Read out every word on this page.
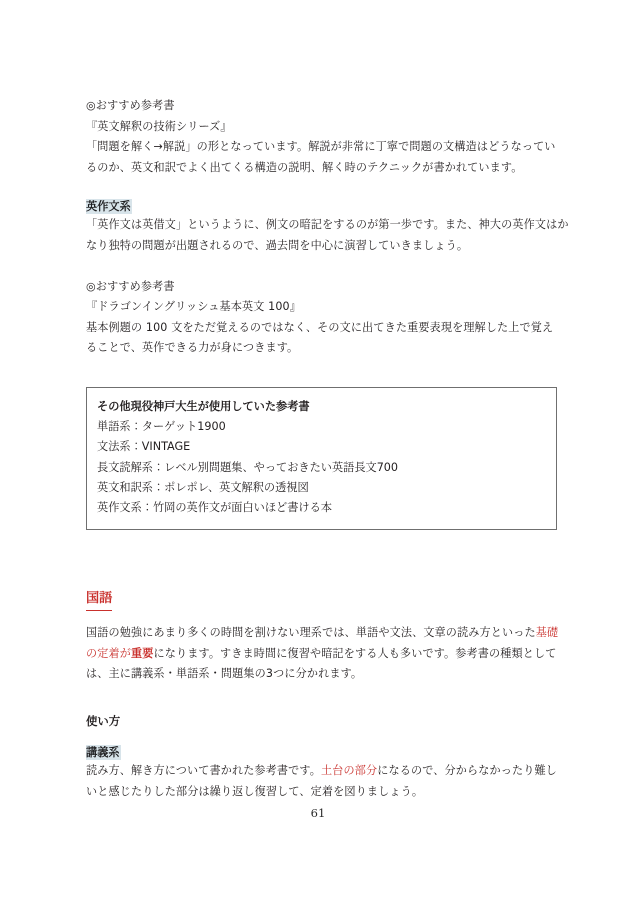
◎おすすめ参考書
『英文解釈の技術シリーズ』
「問題を解く→解説」の形となっています。解説が非常に丁寧で問題の文構造はどうなってい
るのか、英文和訳でよく出てくる構造の説明、解く時のテクニックが書かれています。
英作文系
「英作文は英借文」というように、例文の暗記をするのが第一歩です。また、神大の英作文はか
なり独特の問題が出題されるので、過去問を中心に演習していきましょう。
◎おすすめ参考書
『ドラゴンイングリッシュ基本英文 100』
基本例題の 100 文をただ覚えるのではなく、その文に出てきた重要表現を理解した上で覚え
ることで、英作できる力が身につきます。
その他現役神戸大生が使用していた参考書
単語系：ターゲット1900
文法系：VINTAGE
長文読解系：レベル別問題集、やっておきたい英語長文700
英文和訳系：ポレポレ、英文解釈の透視図
英作文系：竹岡の英作文が面白いほど書ける本
国語
国語の勉強にあまり多くの時間を割けない理系では、単語や文法、文章の読み方といった基礎
の定着が重要になります。すきま時間に復習や暗記をする人も多いです。参考書の種類として
は、主に講義系・単語系・問題集の3つに分かれます。
使い方
講義系
読み方、解き方について書かれた参考書です。土台の部分になるので、分からなかったり難し
いと感じたりした部分は繰り返し復習して、定着を図りましょう。
61
